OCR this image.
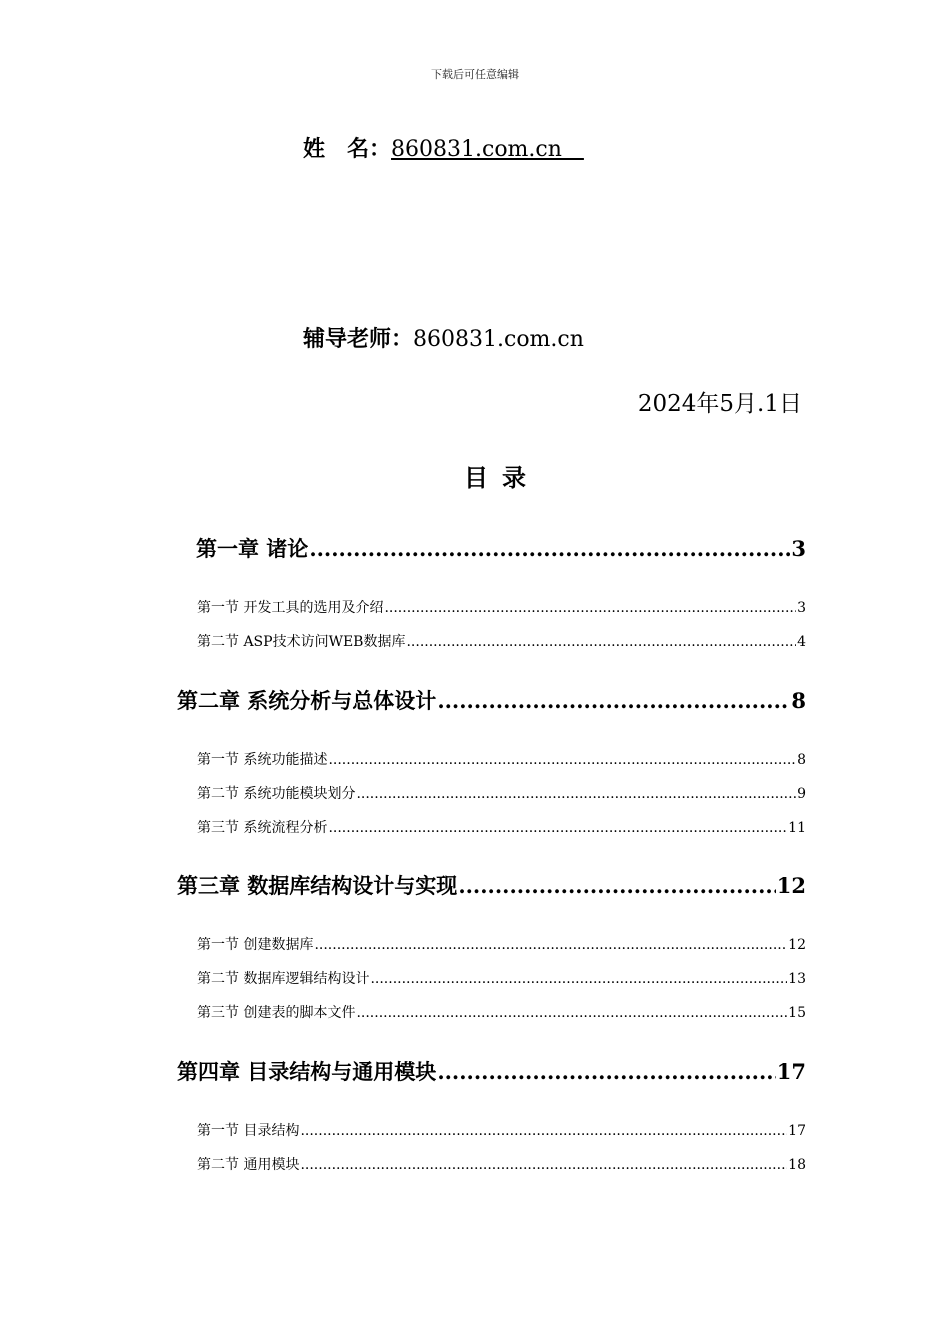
下载后可任意编辑
姓　名：860831.com.cn　
辅导老师：860831.com.cn
2024年5月.1日
目录
第一章 诸论 .....	3
第一节 开发工具的选用及介绍 .....	3
第二节 ASP技术访问WEB数据库 .....	4
第二章 系统分析与总体设计 .....	8
第一节 系统功能描述 .....	8
第二节 系统功能模块划分 .....	9
第三节 系统流程分析 .....	11
第三章 数据库结构设计与实现 .....	12
第一节 创建数据库 .....	12
第二节 数据库逻辑结构设计 .....	13
第三节 创建表的脚本文件 .....	15
第四章 目录结构与通用模块 .....	17
第一节 目录结构 .....	17
第二节 通用模块 .....	18
